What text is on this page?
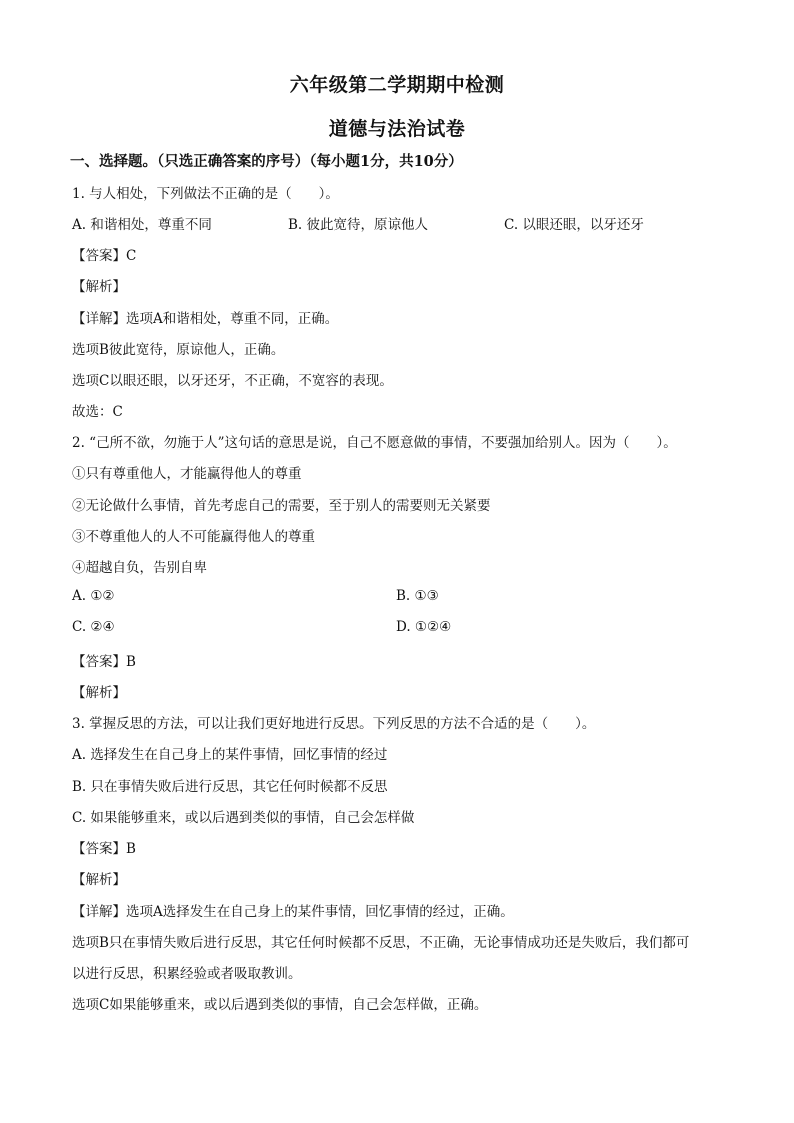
六年级第二学期期中检测
道德与法治试卷
一、选择题。（只选正确答案的序号）（每小题1分，共10分）
1. 与人相处，下列做法不正确的是（　　）。
A. 和谐相处，尊重不同	B. 彼此宽待，原谅他人	C. 以眼还眼，以牙还牙
【答案】C
【解析】
【详解】选项A和谐相处，尊重不同，正确。
选项B彼此宽待，原谅他人，正确。
选项C以眼还眼，以牙还牙，不正确，不宽容的表现。
故选：C
2. “己所不欲，勿施于人”这句话的意思是说，自己不愿意做的事情，不要强加给别人。因为（　　）。
①只有尊重他人，才能赢得他人的尊重
②无论做什么事情，首先考虑自己的需要，至于别人的需要则无关紧要
③不尊重他人的人不可能赢得他人的尊重
④超越自负，告别自卑
A. ①②	B. ①③
C. ②④	D. ①②④
【答案】B
【解析】
3. 掌握反思的方法，可以让我们更好地进行反思。下列反思的方法不合适的是（　　）。
A. 选择发生在自己身上的某件事情，回忆事情的经过
B. 只在事情失败后进行反思，其它任何时候都不反思
C. 如果能够重来，或以后遇到类似的事情，自己会怎样做
【答案】B
【解析】
【详解】选项A选择发生在自己身上的某件事情，回忆事情的经过，正确。
选项B只在事情失败后进行反思，其它任何时候都不反思，不正确，无论事情成功还是失败后，我们都可
以进行反思，积累经验或者吸取教训。
选项C如果能够重来，或以后遇到类似的事情，自己会怎样做，正确。
